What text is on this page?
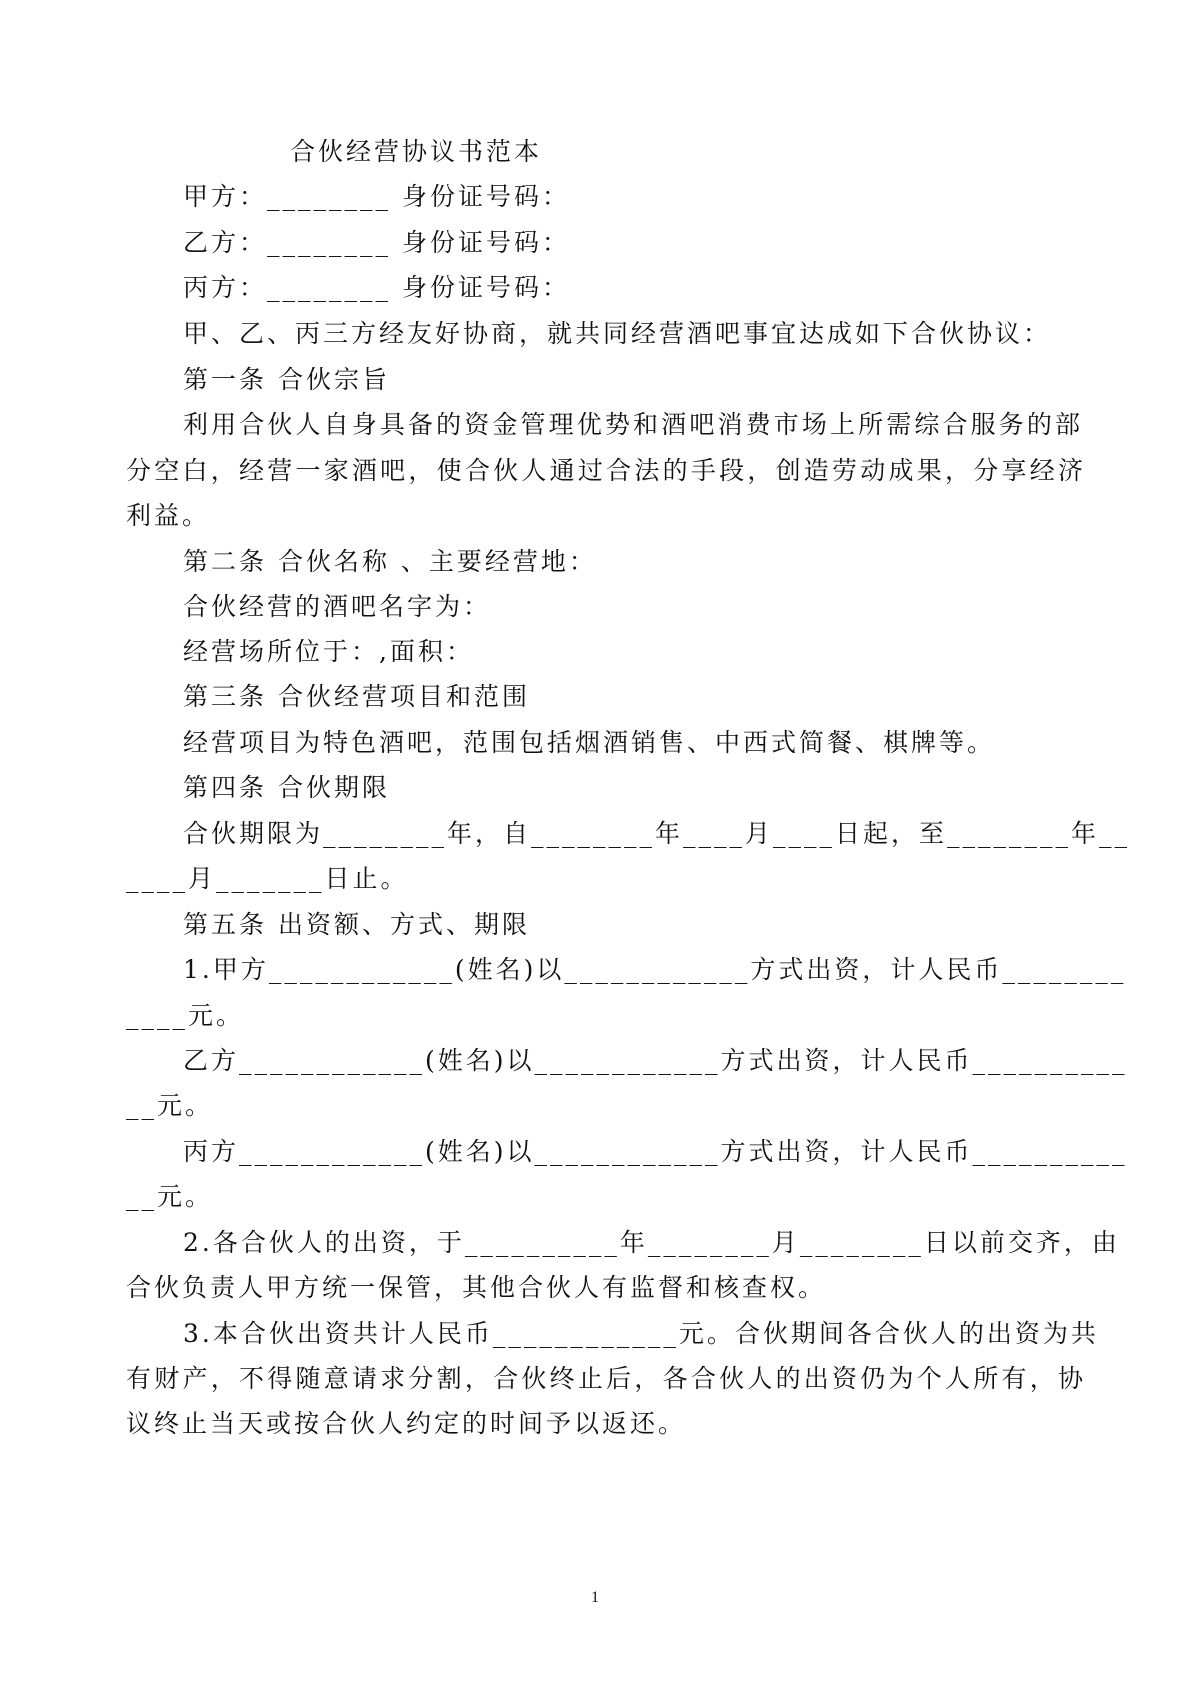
合伙经营协议书范本
甲方：________ 身份证号码：
乙方：________ 身份证号码：
丙方：________ 身份证号码：
甲、乙、丙三方经友好协商，就共同经营酒吧事宜达成如下合伙协议：
第一条 合伙宗旨
利用合伙人自身具备的资金管理优势和酒吧消费市场上所需综合服务的部
分空白，经营一家酒吧，使合伙人通过合法的手段，创造劳动成果，分享经济
利益。
第二条 合伙名称 、主要经营地：
合伙经营的酒吧名字为：
经营场所位于：,面积：
第三条 合伙经营项目和范围
经营项目为特色酒吧，范围包括烟酒销售、中西式简餐、棋牌等。
第四条 合伙期限
合伙期限为________年，自________年____月____日起，至________年__
____月_______日止。
第五条 出资额、方式、期限
1.甲方____________(姓名)以____________方式出资，计人民币________
____元。
乙方____________(姓名)以____________方式出资，计人民币__________
__元。
丙方____________(姓名)以____________方式出资，计人民币__________
__元。
2.各合伙人的出资，于__________年________月________日以前交齐，由
合伙负责人甲方统一保管，其他合伙人有监督和核查权。
3.本合伙出资共计人民币____________元。合伙期间各合伙人的出资为共
有财产，不得随意请求分割，合伙终止后，各合伙人的出资仍为个人所有，协
议终止当天或按合伙人约定的时间予以返还。
1
